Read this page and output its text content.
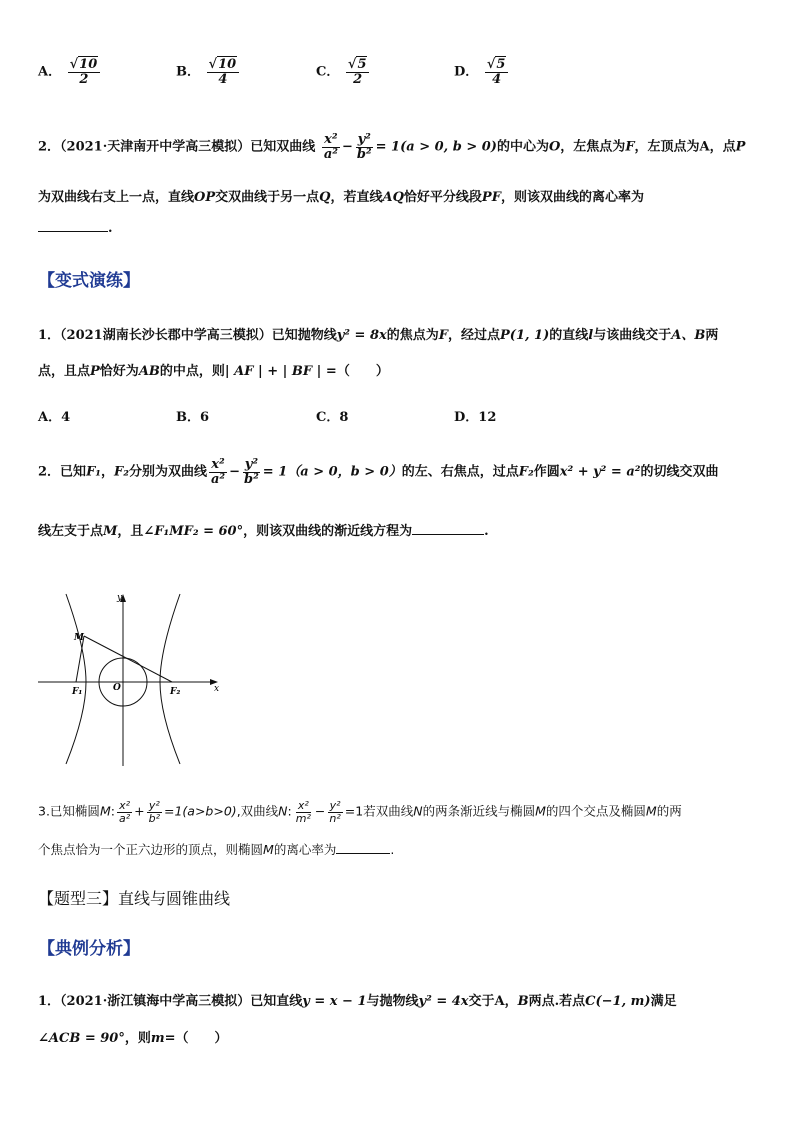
A． $\frac{√10}{2}$	B． $\frac{√10}{4}$	C． $\frac{√5}{2}$	D． $\frac{√5}{4}$
2．（2021·天津南开中学高三模拟）已知双曲线 $\frac{\text{x²}}{\text{a²}} - \frac{\text{y²}}{\text{b²}} = 1(a > 0$, b > 0)的中心为O，左焦点为F，左顶点为A，点P
为双曲线右支上一点，直线OP交双曲线于另一点Q，若直线AQ恰好平分线段PF，则该双曲线的离心率为
.
【变式演练】
1．（2021湖南长沙长郡中学高三模拟）已知抛物线y² = 8x的焦点为F，经过点P(1, 1)的直线l与该曲线交于A、B两
点，且点P恰好为AB的中点，则| AF | + | BF | =（　　）
A．4	B．6	C．8	D．12
2．已知F₁，F₂分别为双曲线 $\frac{\text{x²}}{\text{a²}} - \frac{\text{y²}}{\text{b²}} = 1(a > 0$，b > 0）的左、右焦点，过点F₂作圆x² + y² = a²的切线交双曲
线左支于点M，且∠F₁MF₂ = 60°，则该双曲线的渐近线方程为	.
y
x
M
O
F₁	F₂
3.已知椭圆M: $\frac{\text{x²}}{\text{a²}} + \frac{\text{y²}}{\text{b²}} =1(a>b>0)$,双曲线N: $\frac{\text{x²}}{\text{m²}} - \frac{\text{y²}}{\text{n²}} =1$若双曲线N的两条渐近线与椭圆M的四个交点及椭圆M的两
个焦点恰为一个正六边形的顶点，则椭圆M的离心率为	.
【题型三】直线与圆锥曲线
【典例分析】
1．（2021·浙江镇海中学高三模拟）已知直线y = x − 1与抛物线y² = 4x交于A，B两点.若点C(−1, m)满足
∠ACB = 90°，则m=（　　）
